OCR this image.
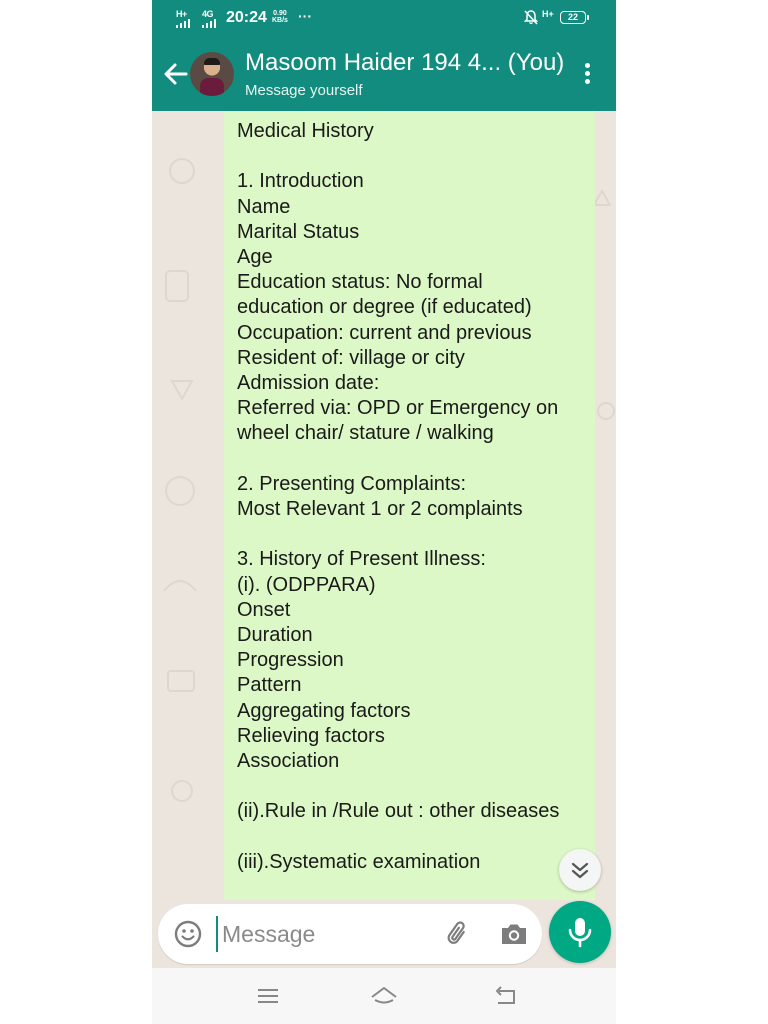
H+	4G 20:24 0.90
KB/s ···	H+	22
Masoom Haider 194 4... (You)
Message yourself
Medical History

1. Introduction
Name
Marital Status
Age
Education status: No formal
education or degree (if educated)
Occupation: current and previous
Resident of: village or city
Admission date:
Referred via: OPD or Emergency on
wheel chair/ stature / walking

2. Presenting Complaints:
Most Relevant 1 or 2 complaints

3. History of Present Illness:
(i). (ODPPARA)
Onset
Duration
Progression
Pattern
Aggregating factors
Relieving factors
Association

(ii).Rule in /Rule out : other diseases

(iii).Systematic examination
Message
